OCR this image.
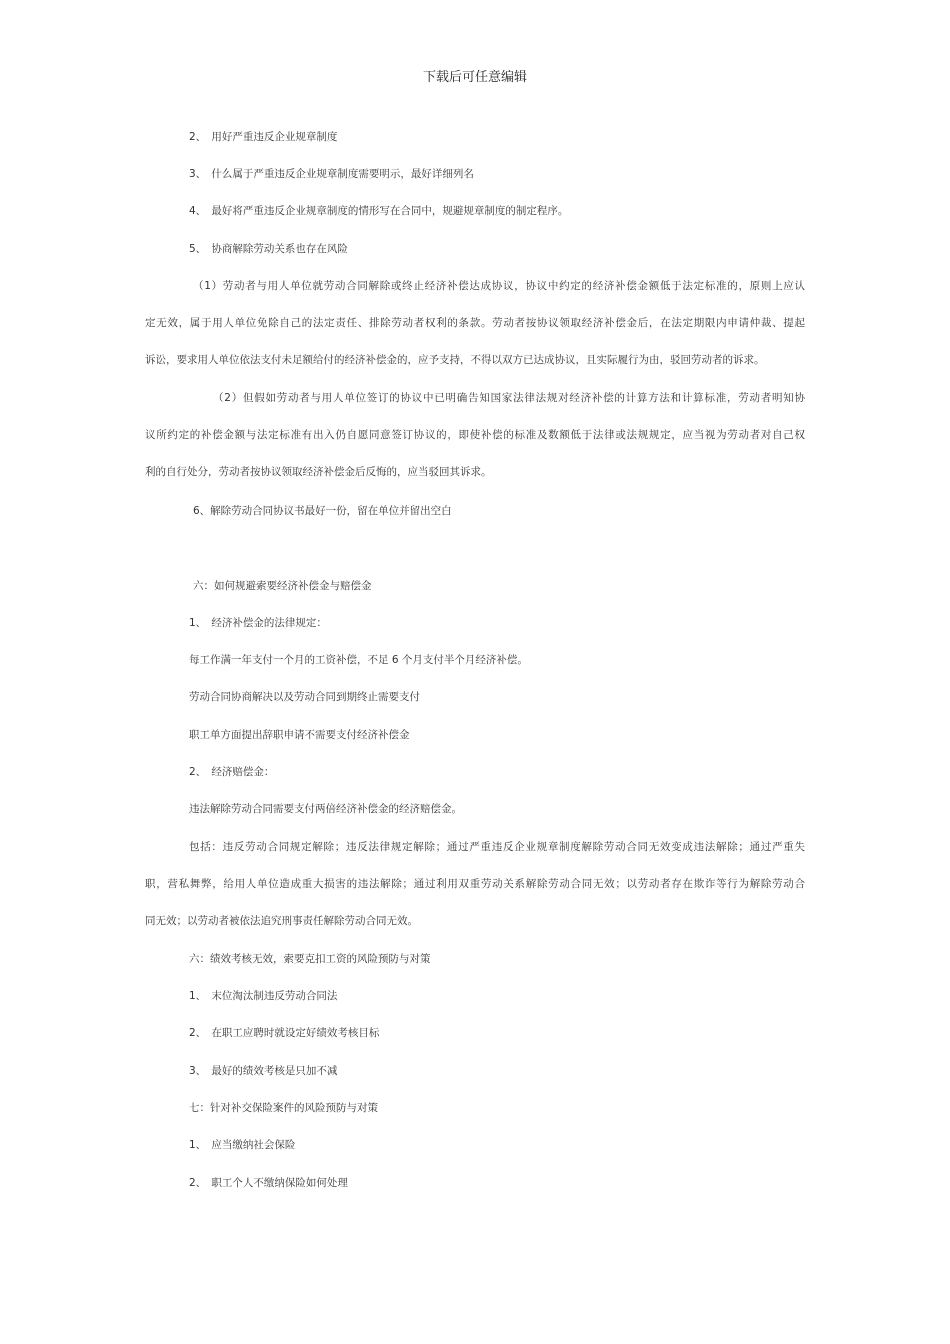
下载后可任意编辑
2、　用好严重违反企业规章制度
3、　什么属于严重违反企业规章制度需要明示，最好详细列名
4、　最好将严重违反企业规章制度的情形写在合同中，规避规章制度的制定程序。
5、　协商解除劳动关系也存在风险
（1）劳动者与用人单位就劳动合同解除或终止经济补偿达成协议，协议中约定的经济补偿金额低于法定标准的，原则上应认
定无效，属于用人单位免除自己的法定责任、排除劳动者权利的条款。劳动者按协议领取经济补偿金后，在法定期限内申请仲裁、提起
诉讼，要求用人单位依法支付未足额给付的经济补偿金的，应予支持，不得以双方已达成协议，且实际履行为由，驳回劳动者的诉求。
（2）但假如劳动者与用人单位签订的协议中已明确告知国家法律法规对经济补偿的计算方法和计算标准，劳动者明知协
议所约定的补偿金额与法定标准有出入仍自愿同意签订协议的，即使补偿的标准及数额低于法律或法规规定，应当视为劳动者对自己权
利的自行处分，劳动者按协议领取经济补偿金后反悔的，应当驳回其诉求。
6、解除劳动合同协议书最好一份，留在单位并留出空白
六：如何规避索要经济补偿金与赔偿金
1、　经济补偿金的法律规定：
每工作满一年支付一个月的工资补偿，不足 6 个月支付半个月经济补偿。
劳动合同协商解决以及劳动合同到期终止需要支付
职工单方面提出辞职申请不需要支付经济补偿金
2、　经济赔偿金：
违法解除劳动合同需要支付两倍经济补偿金的经济赔偿金。
包括：违反劳动合同规定解除；违反法律规定解除；通过严重违反企业规章制度解除劳动合同无效变成违法解除；通过严重失
职，营私舞弊，给用人单位造成重大损害的违法解除；通过利用双重劳动关系解除劳动合同无效；以劳动者存在欺诈等行为解除劳动合
同无效；以劳动者被依法追究刑事责任解除劳动合同无效。
六：绩效考核无效，索要克扣工资的风险预防与对策
1、　末位淘汰制违反劳动合同法
2、　在职工应聘时就设定好绩效考核目标
3、　最好的绩效考核是只加不减
七：针对补交保险案件的风险预防与对策
1、　应当缴纳社会保险
2、　职工个人不缴纳保险如何处理
